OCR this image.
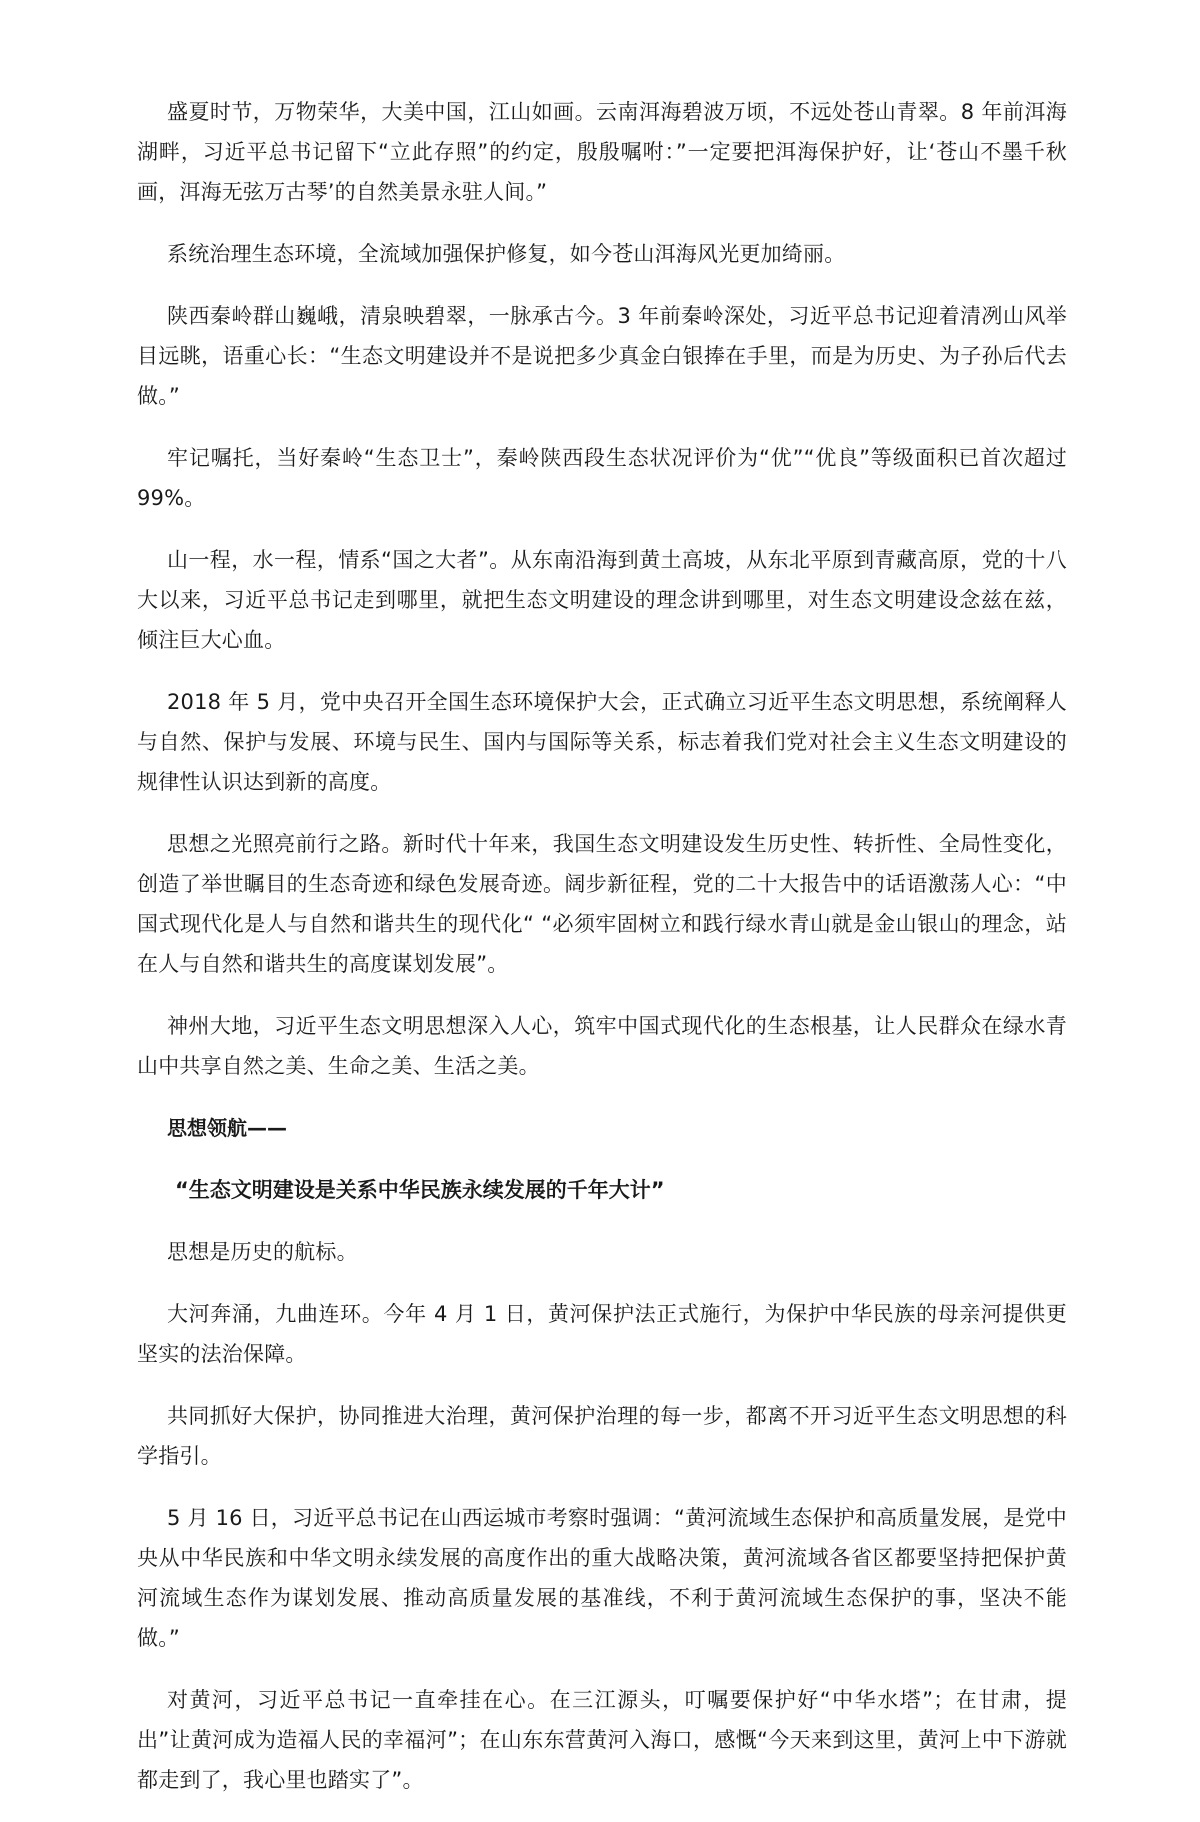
盛夏时节，万物荣华，大美中国，江山如画。云南洱海碧波万顷，不远处苍山青翠。8 年前洱海湖畔，习近平总书记留下“立此存照”的约定，殷殷嘱咐：”一定要把洱海保护好，让‘苍山不墨千秋画，洱海无弦万古琴’的自然美景永驻人间。”

系统治理生态环境，全流域加强保护修复，如今苍山洱海风光更加绮丽。

陕西秦岭群山巍峨，清泉映碧翠，一脉承古今。3 年前秦岭深处，习近平总书记迎着清冽山风举目远眺，语重心长：“生态文明建设并不是说把多少真金白银捧在手里，而是为历史、为子孙后代去做。”

牢记嘱托，当好秦岭“生态卫士”，秦岭陕西段生态状况评价为“优”“优良”等级面积已首次超过 99%。

山一程，水一程，情系“国之大者”。从东南沿海到黄土高坡，从东北平原到青藏高原，党的十八大以来，习近平总书记走到哪里，就把生态文明建设的理念讲到哪里，对生态文明建设念兹在兹，倾注巨大心血。

2018 年 5 月，党中央召开全国生态环境保护大会，正式确立习近平生态文明思想，系统阐释人与自然、保护与发展、环境与民生、国内与国际等关系，标志着我们党对社会主义生态文明建设的规律性认识达到新的高度。

思想之光照亮前行之路。新时代十年来，我国生态文明建设发生历史性、转折性、全局性变化，创造了举世瞩目的生态奇迹和绿色发展奇迹。阔步新征程，党的二十大报告中的话语激荡人心：“中国式现代化是人与自然和谐共生的现代化“ “必须牢固树立和践行绿水青山就是金山银山的理念，站在人与自然和谐共生的高度谋划发展”。

神州大地，习近平生态文明思想深入人心，筑牢中国式现代化的生态根基，让人民群众在绿水青山中共享自然之美、生命之美、生活之美。

思想领航——

“生态文明建设是关系中华民族永续发展的千年大计”

思想是历史的航标。

大河奔涌，九曲连环。今年 4 月 1 日，黄河保护法正式施行，为保护中华民族的母亲河提供更坚实的法治保障。

共同抓好大保护，协同推进大治理，黄河保护治理的每一步，都离不开习近平生态文明思想的科学指引。

5 月 16 日，习近平总书记在山西运城市考察时强调：“黄河流域生态保护和高质量发展，是党中央从中华民族和中华文明永续发展的高度作出的重大战略决策，黄河流域各省区都要坚持把保护黄河流域生态作为谋划发展、推动高质量发展的基准线，不利于黄河流域生态保护的事，坚决不能做。”

对黄河，习近平总书记一直牵挂在心。在三江源头，叮嘱要保护好“中华水塔”；在甘肃，提出”让黄河成为造福人民的幸福河”；在山东东营黄河入海口，感慨“今天来到这里，黄河上中下游就都走到了，我心里也踏实了”。
